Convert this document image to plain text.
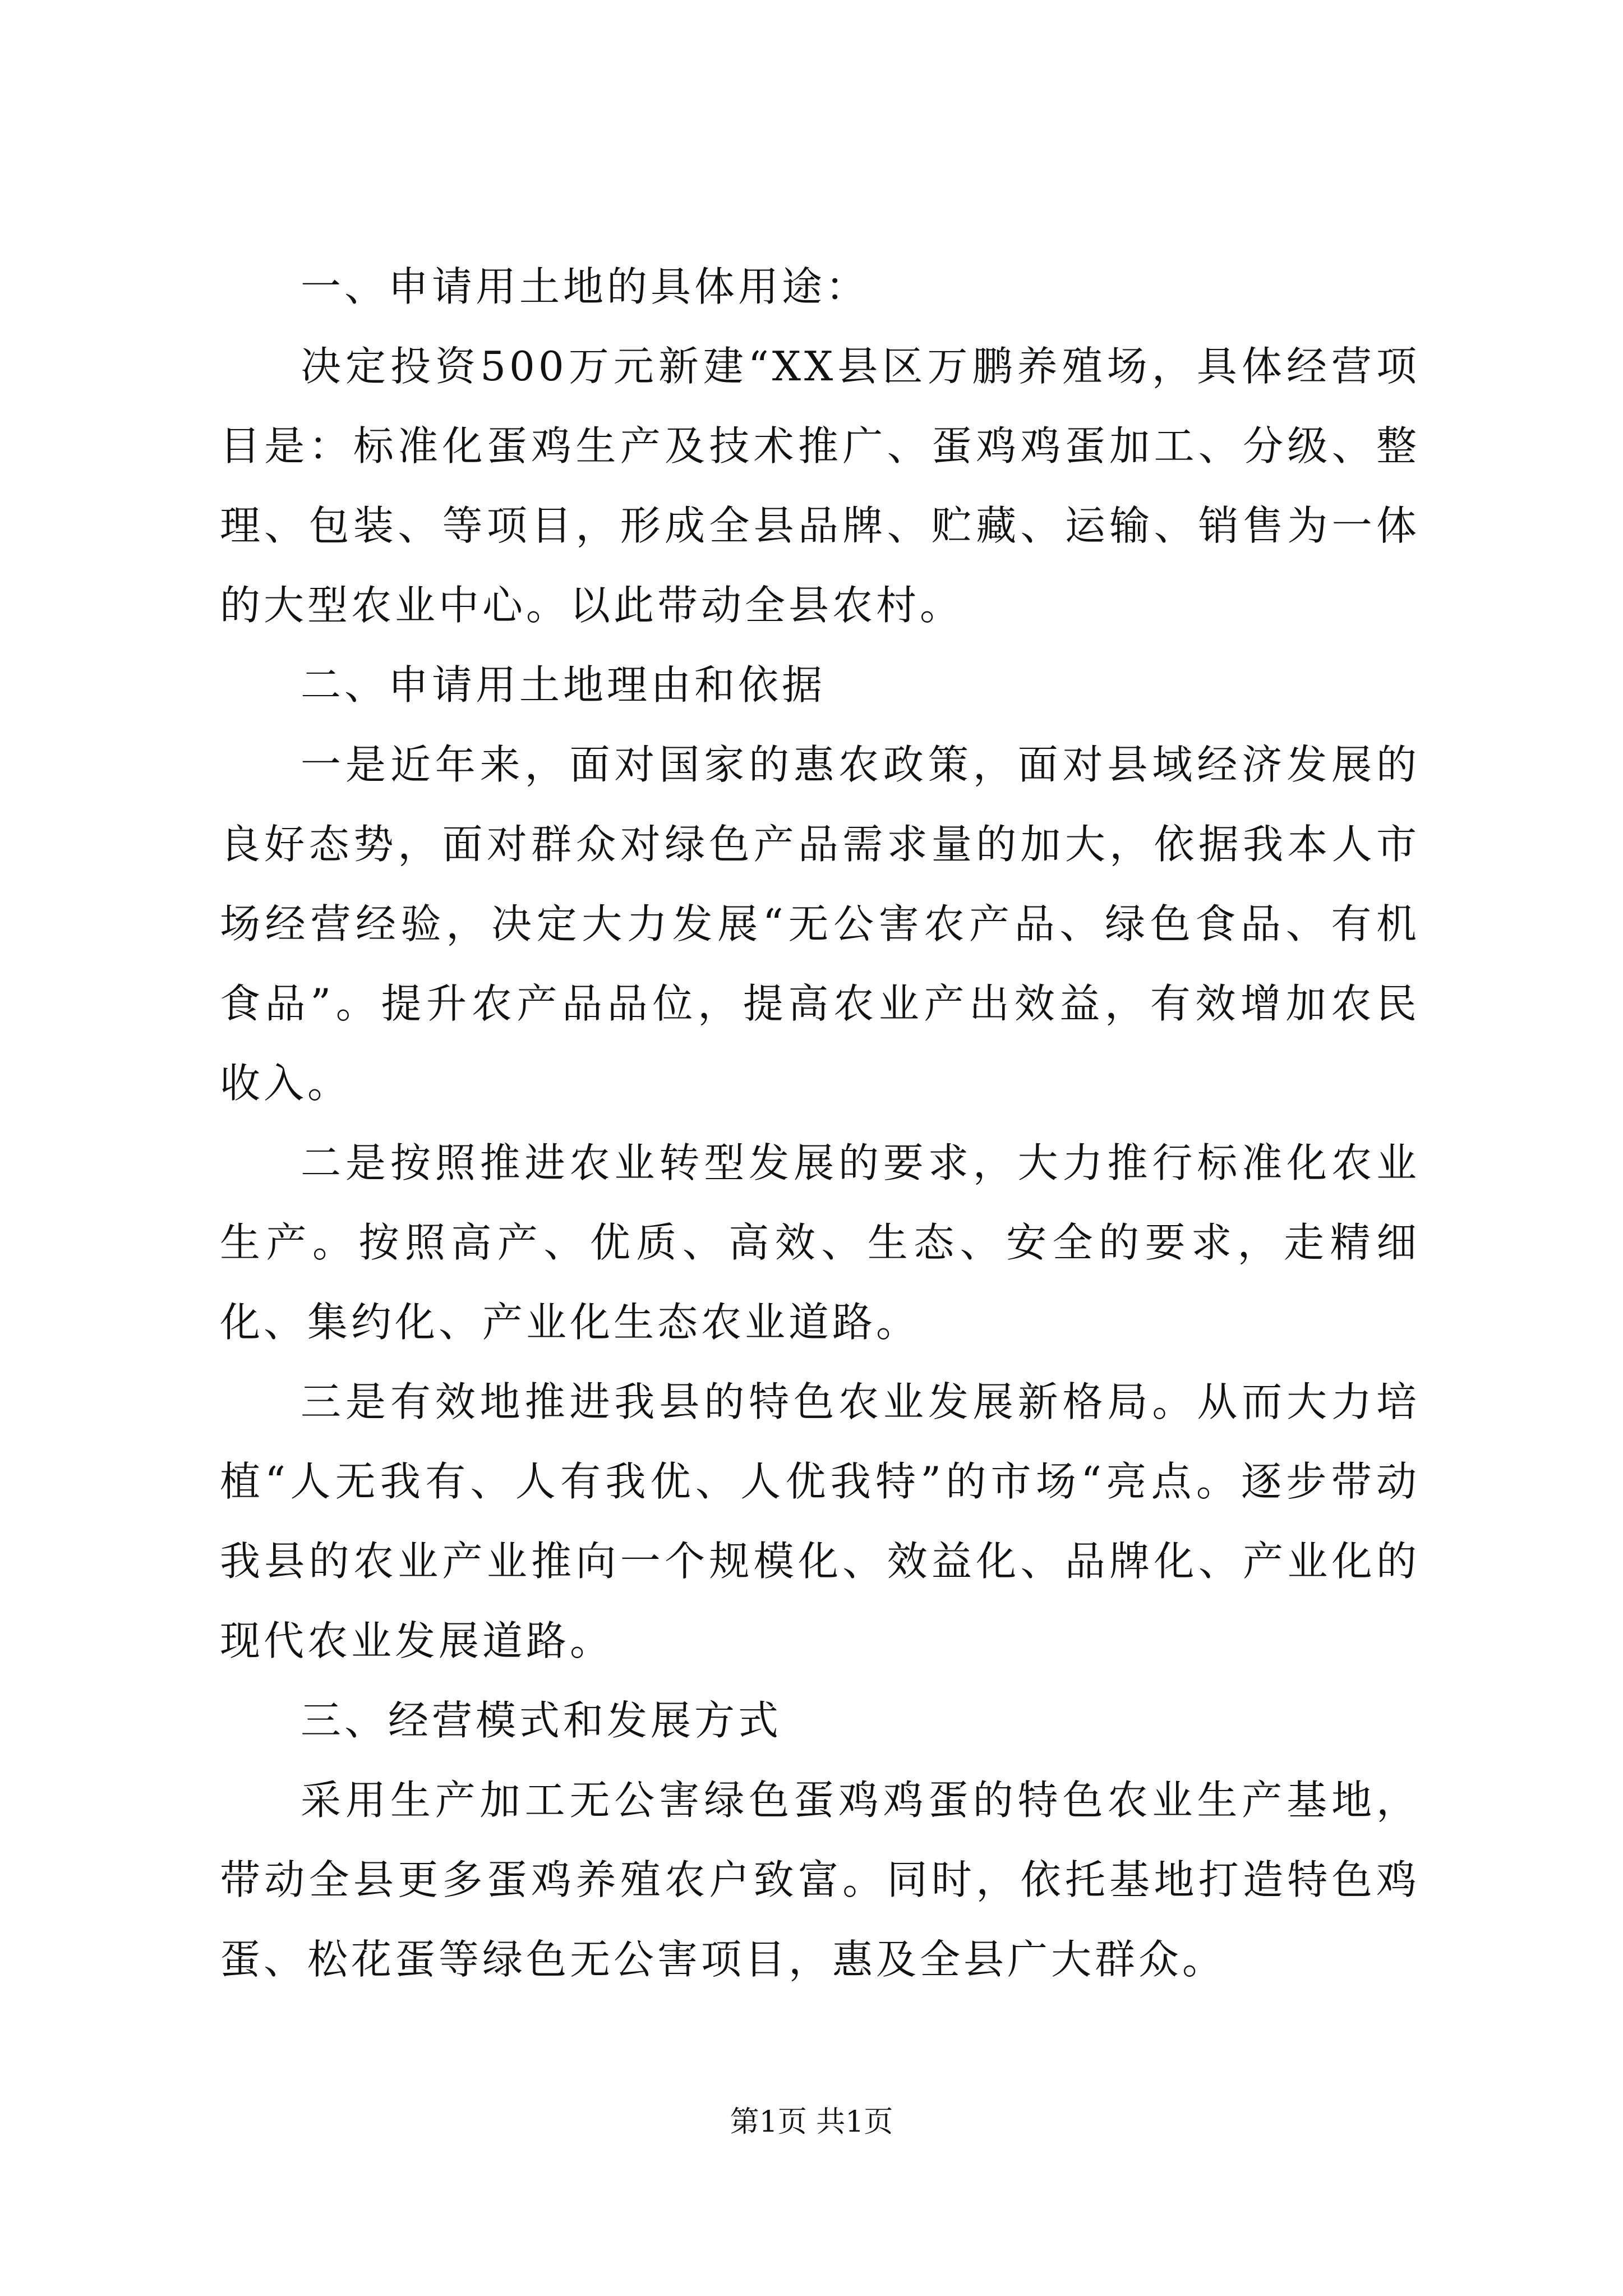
一、申请用土地的具体用途：

决定投资500万元新建“XX县区万鹏养殖场，具体经营项目是：标准化蛋鸡生产及技术推广、蛋鸡鸡蛋加工、分级、整理、包装、等项目，形成全县品牌、贮藏、运输、销售为一体的大型农业中心。以此带动全县农村。

二、申请用土地理由和依据

一是近年来，面对国家的惠农政策，面对县域经济发展的良好态势，面对群众对绿色产品需求量的加大，依据我本人市场经营经验，决定大力发展“无公害农产品、绿色食品、有机食品”。提升农产品品位，提高农业产出效益，有效增加农民收入。

二是按照推进农业转型发展的要求，大力推行标准化农业生产。按照高产、优质、高效、生态、安全的要求，走精细化、集约化、产业化生态农业道路。

三是有效地推进我县的特色农业发展新格局。从而大力培植“人无我有、人有我优、人优我特”的市场“亮点。逐步带动我县的农业产业推向一个规模化、效益化、品牌化、产业化的现代农业发展道路。

三、经营模式和发展方式

采用生产加工无公害绿色蛋鸡鸡蛋的特色农业生产基地，带动全县更多蛋鸡养殖农户致富。同时，依托基地打造特色鸡蛋、松花蛋等绿色无公害项目，惠及全县广大群众。

第1页 共1页
